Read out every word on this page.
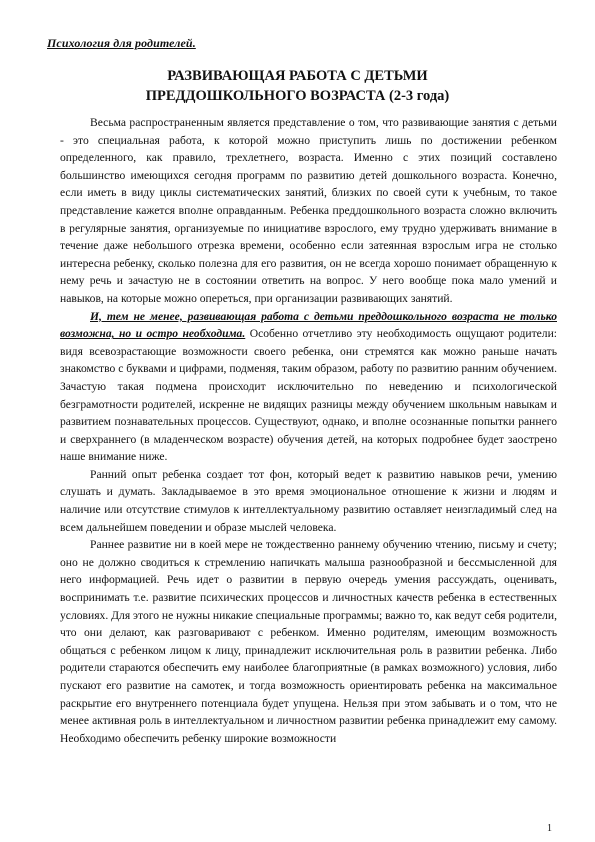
Психология для родителей.
РАЗВИВАЮЩАЯ РАБОТА С ДЕТЬМИ
ПРЕДДОШКОЛЬНОГО ВОЗРАСТА (2-3 года)

Весьма распространенным является представление о том, что развивающие занятия с детьми - это специальная работа, к которой можно приступить лишь по достижении ребенком определенного, как правило, трехлетнего, возраста. Именно с этих позиций составлено большинство имеющихся сегодня программ по развитию детей дошкольного возраста. Конечно, если иметь в виду циклы систематических занятий, близких по своей сути к учебным, то такое представление кажется вполне оправданным. Ребенка преддошкольного возраста сложно включить в регулярные занятия, организуемые по инициативе взрослого, ему трудно удерживать внимание в течение даже небольшого отрезка времени, особенно если затеянная взрослым игра не столько интересна ребенку, сколько полезна для его развития, он не всегда хорошо понимает обращенную к нему речь и зачастую не в состоянии ответить на вопрос. У него вообще пока мало умений и навыков, на которые можно опереться, при организации развивающих занятий.

И, тем не менее, развивающая работа с детьми преддошкольного возраста не только возможна, но и остро необходима. Особенно отчетливо эту необходимость ощущают родители: видя всевозрастающие возможности своего ребенка, они стремятся как можно раньше начать знакомство с буквами и цифрами, подменяя, таким образом, работу по развитию ранним обучением. Зачастую такая подмена происходит исключительно по неведению и психологической безграмотности родителей, искренне не видящих разницы между обучением школьным навыкам и развитием познавательных процессов. Существуют, однако, и вполне осознанные попытки раннего и сверхраннего (в младенческом возрасте) обучения детей, на которых подробнее будет заострено наше внимание ниже.

Ранний опыт ребенка создает тот фон, который ведет к развитию навыков речи, умению слушать и думать. Закладываемое в это время эмоциональное отношение к жизни и людям и наличие или отсутствие стимулов к интеллектуальному развитию оставляет неизгладимый след на всем дальнейшем поведении и образе мыслей человека.

Раннее развитие ни в коей мере не тождественно раннему обучению чтению, письму и счету; оно не должно сводиться к стремлению напичкать малыша разнообразной и бессмысленной для него информацией. Речь идет о развитии в первую очередь умения рассуждать, оценивать, воспринимать т.е. развитие психических процессов и личностных качеств ребенка в естественных условиях. Для этого не нужны никакие специальные программы; важно то, как ведут себя родители, что они делают, как разговаривают с ребенком. Именно родителям, имеющим возможность общаться с ребенком лицом к лицу, принадлежит исключительная роль в развитии ребенка. Либо родители стараются обеспечить ему наиболее благоприятные (в рамках возможного) условия, либо пускают его развитие на самотек, и тогда возможность ориентировать ребенка на максимальное раскрытие его внутреннего потенциала будет упущена. Нельзя при этом забывать и о том, что не менее активная роль в интеллектуальном и личностном развитии ребенка принадлежит ему самому. Необходимо обеспечить ребенку широкие возможности

1
